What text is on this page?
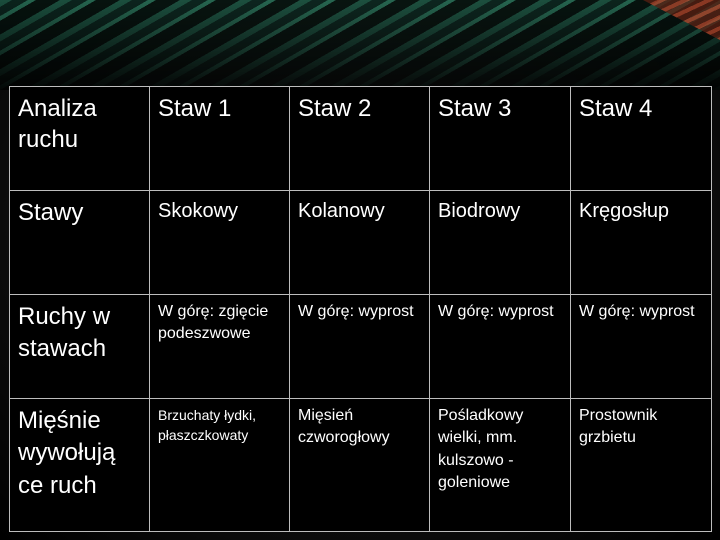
Analiza ruchu	Staw 1	Staw 2	Staw 3	Staw 4
Stawy	Skokowy	Kolanowy	Biodrowy	Kręgosłup
Ruchy w stawach	W górę: zgięcie podeszwowe	W górę: wyprost	W górę: wyprost	W górę: wyprost
Mięśnie wywołują ce ruch	Brzuchaty łydki, płaszczkowaty	Mięsień czworogłowy	Pośladkowy wielki, mm. kulszowo - goleniowe	Prostownik grzbietu
